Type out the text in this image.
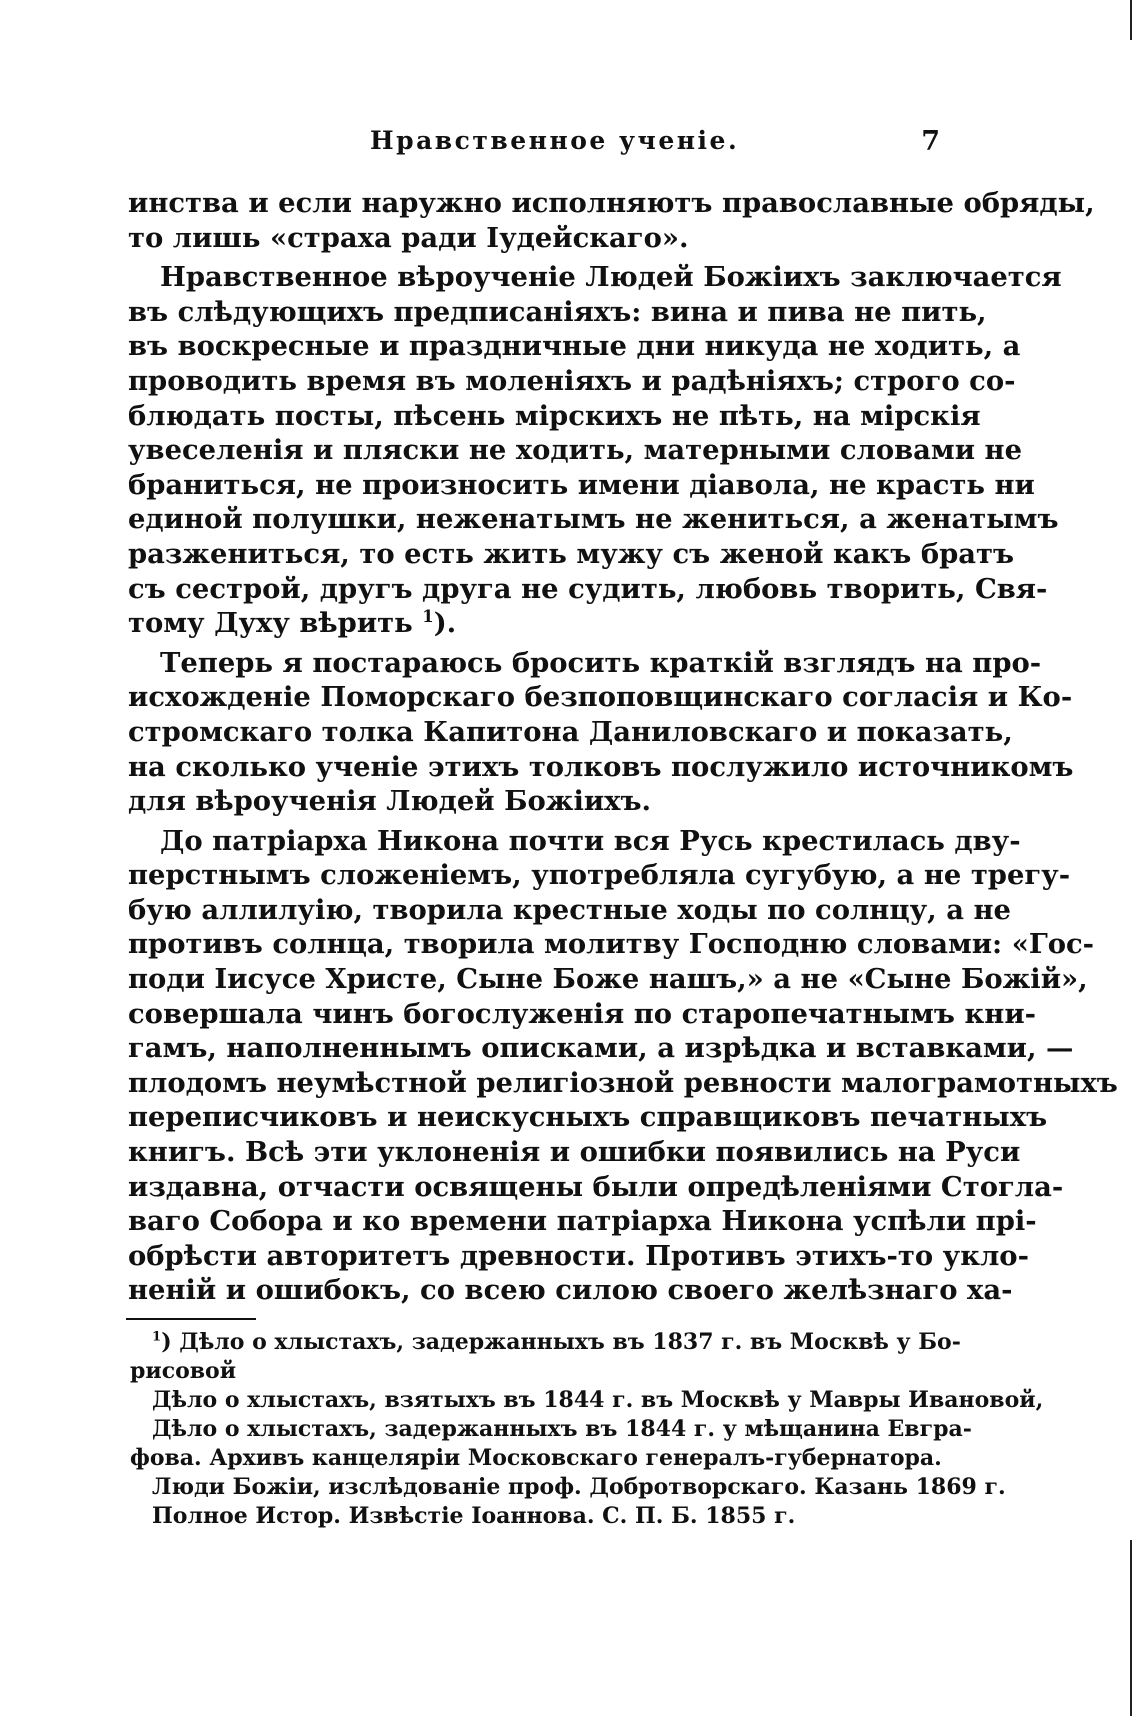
Нравственное ученіе.	7
инства и если наружно исполняютъ православные обряды,
то лишь «страха ради Іудейскаго».
Нравственное вѣроученіе Людей Божіихъ заключается
въ слѣдующихъ предписаніяхъ: вина и пива не пить,
въ воскресные и праздничные дни никуда не ходить, а
проводить время въ моленіяхъ и радѣніяхъ; строго со-
блюдать посты, пѣсень мірскихъ не пѣть, на мірскія
увеселенія и пляски не ходить, матерными словами не
браниться, не произносить имени діавола, не красть ни
единой полушки, неженатымъ не жениться, а женатымъ
разжениться, то есть жить мужу съ женой какъ братъ
съ сестрой, другъ друга не судить, любовь творить, Свя-
тому Духу вѣрить $^1$).
Теперь я постараюсь бросить краткій взглядъ на про-
исхожденіе Поморскаго безпоповщинскаго согласія и Ко-
стромскаго толка Капитона Даниловскаго и показать,
на сколько ученіе этихъ толковъ послужило источникомъ
для вѣроученія Людей Божіихъ.
До патріарха Никона почти вся Русь крестилась дву-
перстнымъ сложеніемъ, употребляла сугубую, а не трегу-
бую аллилуію, творила крестные ходы по солнцу, а не
противъ солнца, творила молитву Господню словами: «Гос-
поди Іисусе Христе, Сыне Боже нашъ,» а не «Сыне Божій»,
совершала чинъ богослуженія по старопечатнымъ кни-
гамъ, наполненнымъ описками, а изрѣдка и вставками, —
плодомъ неумѣстной религіозной ревности малограмотныхъ
переписчиковъ и неискусныхъ справщиковъ печатныхъ
книгъ. Всѣ эти уклоненія и ошибки появились на Руси
издавна, отчасти освящены были опредѣленіями Стогла-
ваго Собора и ко времени патріарха Никона успѣли прі-
обрѣсти авторитетъ древности. Противъ этихъ-то укло-
неній и ошибокъ, со всею силою своего желѣзнаго ха-
$^1$) Дѣло о хлыстахъ, задержанныхъ въ 1837 г. въ Москвѣ у Бо-
рисовой
Дѣло о хлыстахъ, взятыхъ въ 1844 г. въ Москвѣ у Мавры Ивановой,
Дѣло о хлыстахъ, задержанныхъ въ 1844 г. у мѣщанина Евгра-
фова. Архивъ канцеляріи Московскаго генералъ-губернатора.
Люди Божіи, изслѣдованіе проф. Добротворскаго. Казань 1869 г.
Полное Истор. Извѣстіе Іоаннова. С. П. Б. 1855 г.
